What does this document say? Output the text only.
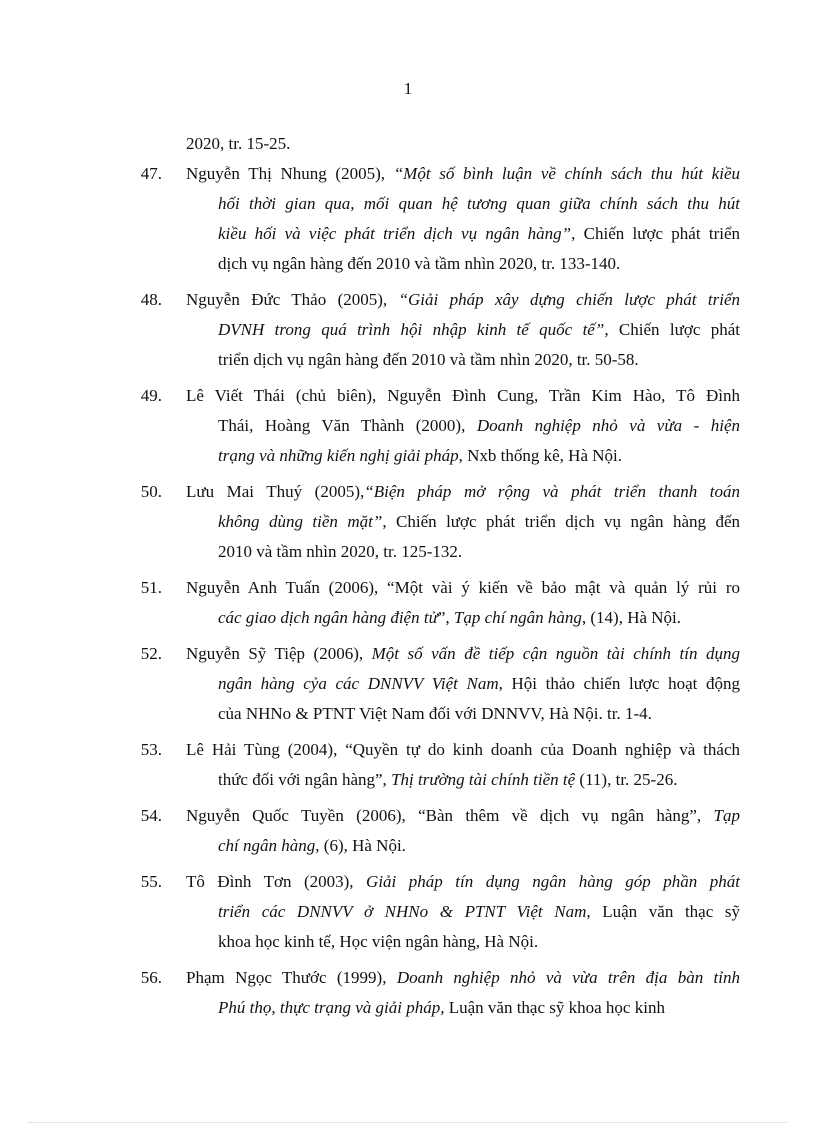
1
2020, tr. 15-25.
47. Nguyễn Thị Nhung (2005), “Một số bình luận về chính sách thu hút kiều
hối thời gian qua, mối quan hệ tương quan giữa chính sách thu hút
kiều hối và việc phát triển dịch vụ ngân hàng”, Chiến lược phát triển
dịch vụ ngân hàng đến 2010 và tầm nhìn 2020, tr. 133-140.
48. Nguyễn Đức Thảo (2005), “Giải pháp xây dựng chiến lược phát triển
DVNH trong quá trình hội nhập kinh tế quốc tế”, Chiến lược phát
triển dịch vụ ngân hàng đến 2010 và tầm nhìn 2020, tr. 50-58.
49. Lê Viết Thái (chủ biên), Nguyễn Đình Cung, Trần Kim Hào, Tô Đình
Thái, Hoàng Văn Thành (2000), Doanh nghiệp nhỏ và vừa - hiện
trạng và những kiến nghị giải pháp, Nxb thống kê, Hà Nội.
50. Lưu Mai Thuý (2005),“Biện pháp mở rộng và phát triển thanh toán
không dùng tiền mặt”, Chiến lược phát triển dịch vụ ngân hàng đến
2010 và tầm nhìn 2020, tr. 125-132.
51. Nguyễn Anh Tuấn (2006), “Một vài ý kiến về bảo mật và quản lý rủi ro
các giao dịch ngân hàng điện tử”, Tạp chí ngân hàng, (14), Hà Nội.
52. Nguyễn Sỹ Tiệp (2006), Một số vấn đề tiếp cận nguồn tài chính tín dụng
ngân hàng cỷa các DNNVV Việt Nam, Hội thảo chiến lược hoạt động
của NHNo & PTNT Việt Nam đối với DNNVV, Hà Nội. tr. 1-4.
53. Lê Hải Tùng (2004), “Quyền tự do kinh doanh của Doanh nghiệp và thách
thức đối với ngân hàng”, Thị trường tài chính tiền tệ (11), tr. 25-26.
54. Nguyễn Quốc Tuyền (2006), “Bàn thêm về dịch vụ ngân hàng”, Tạp
chí ngân hàng, (6), Hà Nội.
55. Tô Đình Tơn (2003), Giải pháp tín dụng ngân hàng góp phần phát
triển các DNNVV ở NHNo & PTNT Việt Nam, Luận văn thạc sỹ
khoa học kinh tế, Học viện ngân hàng, Hà Nội.
56. Phạm Ngọc Thước (1999), Doanh nghiệp nhỏ và vừa trên địa bàn tỉnh
Phú thọ, thực trạng và giải pháp, Luận văn thạc sỹ khoa học kinh
